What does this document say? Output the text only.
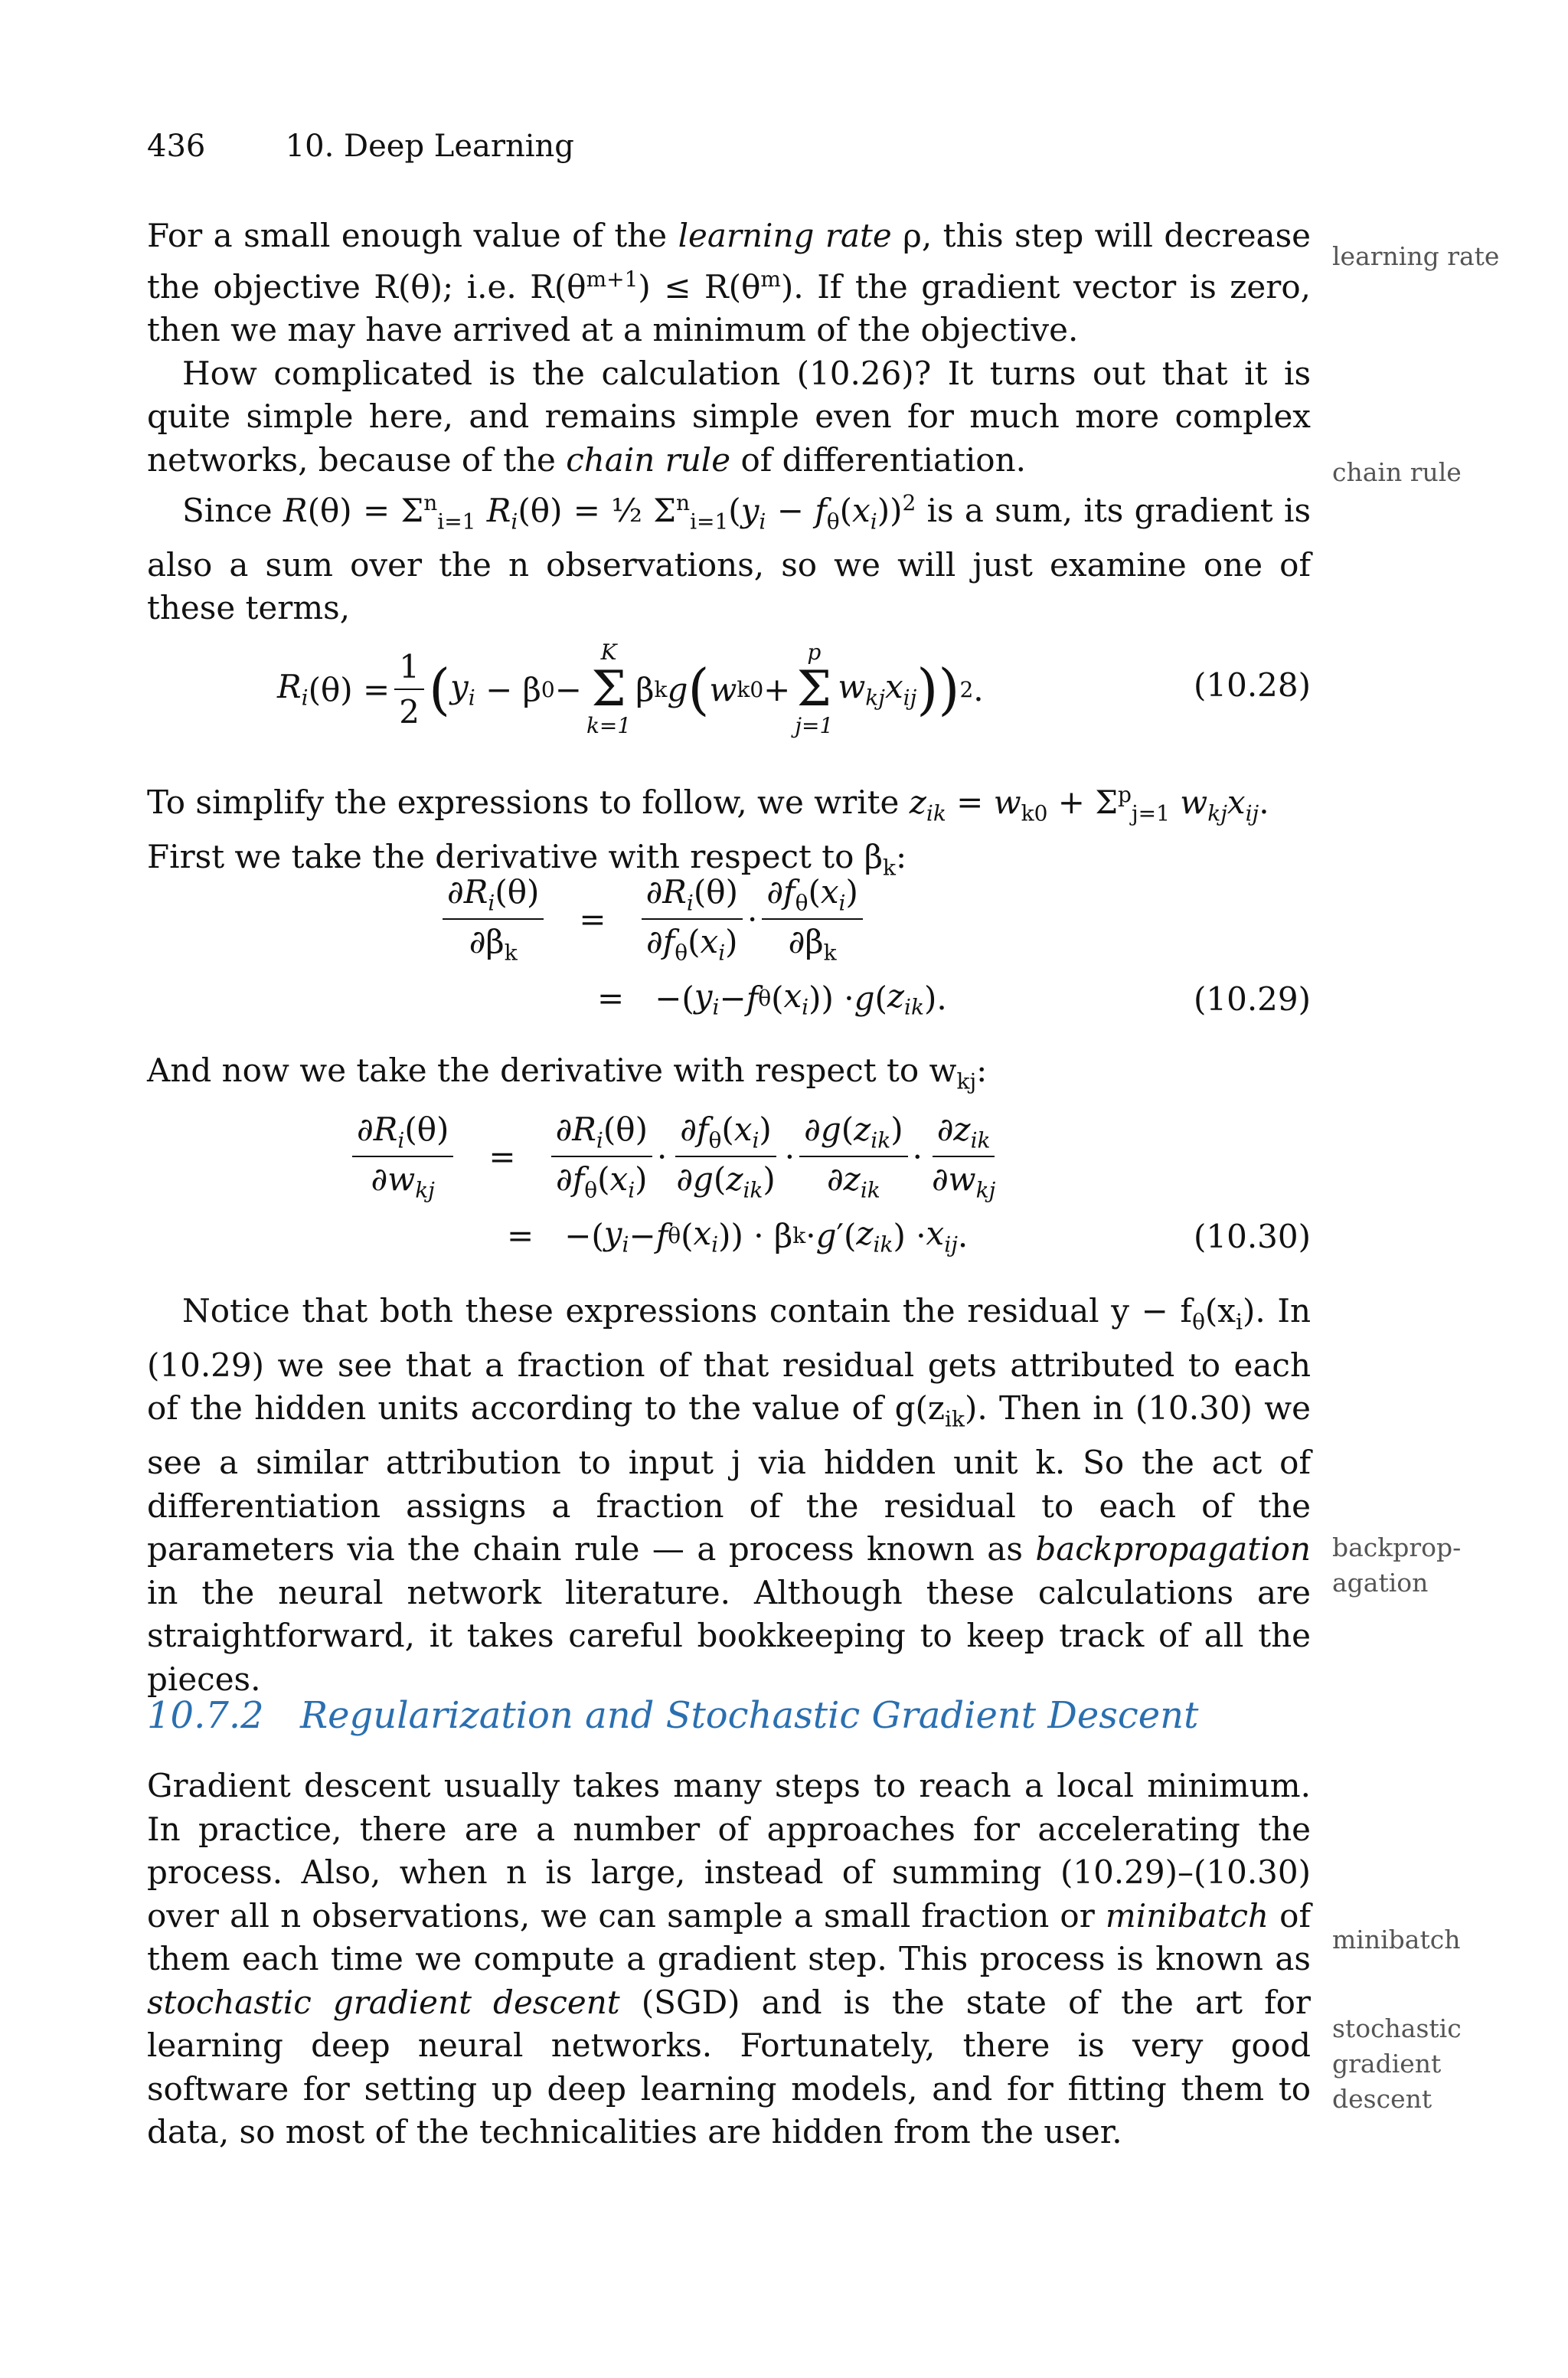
436	10. Deep Learning

For a small enough value of the learning rate ρ, this step will decrease the objective R(θ); i.e. $R(\theta^{m+1}) \le R(\theta^m)$. If the gradient vector is zero, then we may have arrived at a minimum of the objective.

How complicated is the calculation (10.26)? It turns out that it is quite simple here, and remains simple even for much more complex networks, because of the chain rule of differentiation.

Since $R(\theta) = \Sigma^n_{i=1}$ $R_i(\theta)$ = ½ $\Sigma^n_{i=1}(y_i - f_\theta(x_i))^2$ is a sum, its gradient is also a sum over the n observations, so we will just examine one of these terms,

learning rate
chain rule
$R_i$ $(\theta) = \frac{1}{2}$ ( $y_i - \beta$ 0 −
K
Σ
k=1
β k g ( w k0 +
p
Σ
j=1
$w_{kj}x_{ij}$ )) 2 .	(10.28)

To simplify the expressions to follow, we write $z_{ik} = w_{k0} + \Sigma^p_{j=1}$ $w_{kj}x_{ij}$.

First we take the derivative with respect to $\beta_k$:

$\frac{\partial R_i(\theta)}{\partial\beta_k} = \frac{\partial R_i(\theta)}{\partial f_\theta(x_i)} \cdot \frac{\partial f_\theta(x_i)}{\partial\beta_k}$
= −( $y_i - f$ θ ( $x_i$ )) · g ( $z_{ik}$ ).	(10.29)

And now we take the derivative with respect to $w_{kj}$:

$\frac{\partial R_i(\theta)}{\partial w_{kj}} = \frac{\partial R_i(\theta)}{\partial f_\theta(x_i)} \cdot \frac{\partial f_\theta(x_i)}{\partial g(z_{ik})} \cdot \frac{\partial g(z_{ik})}{\partial z_{ik}} \cdot \frac{\partial z_{ik}}{\partial w_{kj}}$
= −( $y_i - f$ θ ( $x_i$ )) · β k · g ′( $z_{ik}$ ) · $x_{ij}$ .	(10.30)

Notice that both these expressions contain the residual $y - f_\theta(x_i)$. In (10.29) we see that a fraction of that residual gets attributed to each of the hidden units according to the value of $g(z_{ik})$. Then in (10.30) we see a similar attribution to input j via hidden unit k. So the act of differentiation assigns a fraction of the residual to each of the parameters via the chain rule — a process known as backpropagation in the neural network literature. Although these calculations are straightforward, it takes careful bookkeeping to keep track of all the pieces.

backprop-
agation
10.7.2 Regularization and Stochastic Gradient Descent

Gradient descent usually takes many steps to reach a local minimum. In practice, there are a number of approaches for accelerating the process. Also, when n is large, instead of summing (10.29)–(10.30) over all n observations, we can sample a small fraction or minibatch of them each time we compute a gradient step. This process is known as stochastic gradient descent (SGD) and is the state of the art for learning deep neural networks. Fortunately, there is very good software for setting up deep learning models, and for fitting them to data, so most of the technicalities are hidden from the user.

minibatch
stochastic
gradient
descent
